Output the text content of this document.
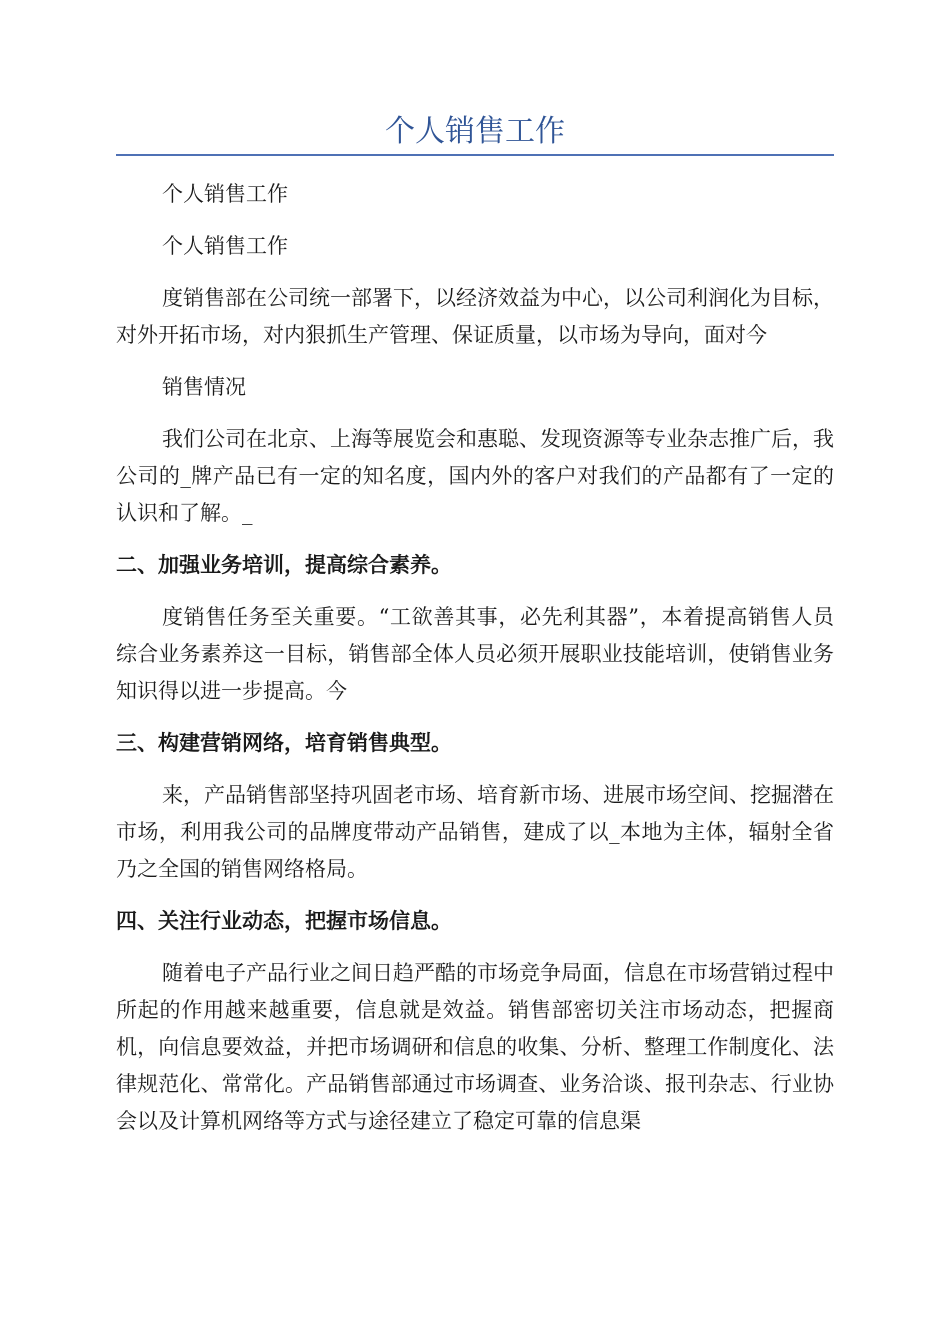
个人销售工作

个人销售工作

个人销售工作

度销售部在公司统一部署下，以经济效益为中心，以公司利润化为目标，对外开拓市场，对内狠抓生产管理、保证质量，以市场为导向，面对今

销售情况

我们公司在北京、上海等展览会和惠聪、发现资源等专业杂志推广后，我公司的_牌产品已有一定的知名度，国内外的客户对我们的产品都有了一定的认识和了解。_

二、加强业务培训，提高综合素养。

度销售任务至关重要。“工欲善其事，必先利其器”，本着提高销售人员综合业务素养这一目标，销售部全体人员必须开展职业技能培训，使销售业务知识得以进一步提高。今

三、构建营销网络，培育销售典型。

来，产品销售部坚持巩固老市场、培育新市场、进展市场空间、挖掘潜在市场，利用我公司的品牌度带动产品销售，建成了以_本地为主体，辐射全省乃之全国的销售网络格局。

四、关注行业动态，把握市场信息。

随着电子产品行业之间日趋严酷的市场竞争局面，信息在市场营销过程中所起的作用越来越重要，信息就是效益。销售部密切关注市场动态，把握商机，向信息要效益，并把市场调研和信息的收集、分析、整理工作制度化、法律规范化、常常化。产品销售部通过市场调查、业务洽谈、报刊杂志、行业协会以及计算机网络等方式与途径建立了稳定可靠的信息渠
